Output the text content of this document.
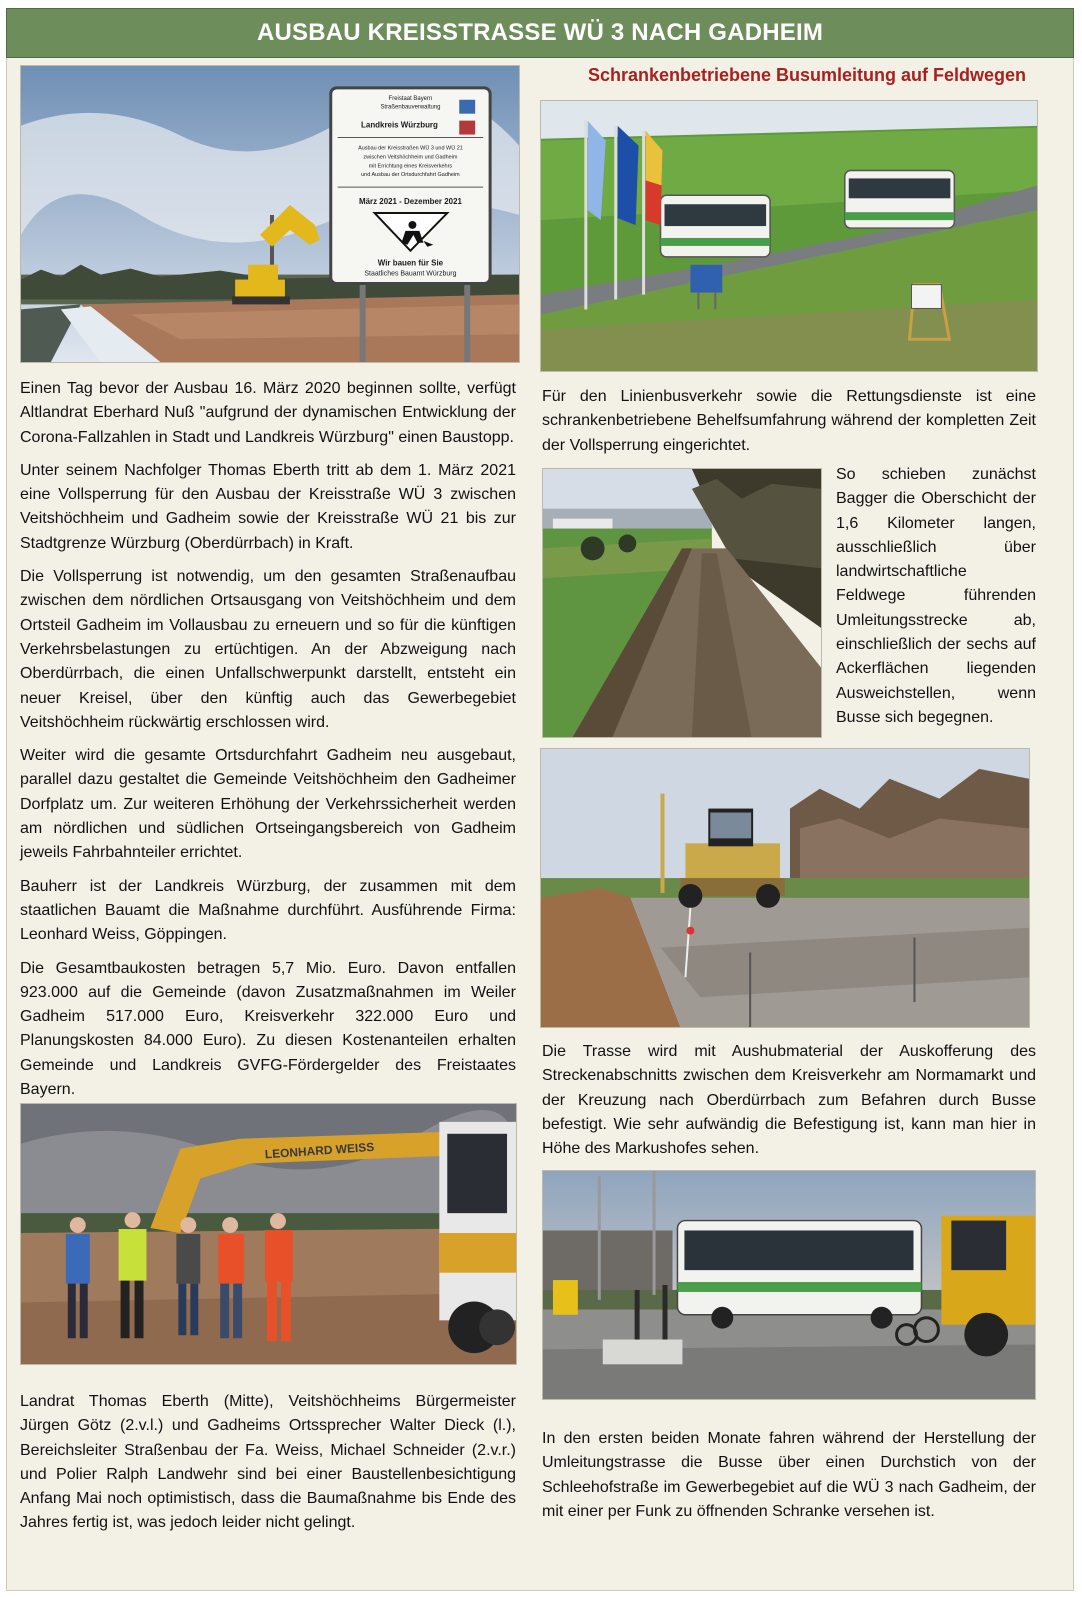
AUSBAU KREISSTRASSE WÜ 3 NACH GADHEIM
Schrankenbetriebene Busumleitung auf Feldwegen
Freistaat Bayern
Straßenbauverwaltung
Landkreis Würzburg
Ausbau der Kreisstraßen WÜ 3 und WÜ 21
zwischen Veitshöchheim und Gadheim
mit Errichtung eines Kreisverkehrs
und Ausbau der Ortsdurchfahrt Gadheim
März 2021 - Dezember 2021
Wir bauen für Sie
Staatliches Bauamt Würzburg
LEONHARD WEISS

Einen Tag bevor der Ausbau 16. März 2020 beginnen sollte, verfügt Altlandrat Eberhard Nuß "aufgrund der dynamischen Entwicklung der Corona-Fallzahlen in Stadt und Landkreis Würzburg" einen Baustopp.

Unter seinem Nachfolger Thomas Eberth tritt ab dem 1. März 2021 eine Vollsperrung für den Ausbau der Kreisstraße WÜ 3 zwischen Veitshöchheim und Gadheim sowie der Kreisstraße WÜ 21 bis zur Stadtgrenze Würzburg (Oberdürrbach) in Kraft.

Die Vollsperrung ist notwendig, um den gesamten Straßenaufbau zwischen dem nördlichen Ortsausgang von Veitshöchheim und dem Ortsteil Gadheim im Vollausbau zu erneuern und so für die künftigen Verkehrsbelastungen zu ertüchtigen. An der Abzweigung nach Oberdürrbach, die einen Unfallschwerpunkt darstellt, entsteht ein neuer Kreisel, über den künftig auch das Gewerbegebiet Veitshöchheim rückwärtig erschlossen wird.

Weiter wird die gesamte Ortsdurchfahrt Gadheim neu ausgebaut, parallel dazu gestaltet die Gemeinde Veitshöchheim den Gadheimer Dorfplatz um. Zur weiteren Erhöhung der Verkehrssicherheit werden am nördlichen und südlichen Ortseingangsbereich von Gadheim jeweils Fahrbahnteiler errichtet.

Bauherr ist der Landkreis Würzburg, der zusammen mit dem staatlichen Bauamt die Maßnahme durchführt. Ausführende Firma: Leonhard Weiss, Göppingen.

Die Gesamtbaukosten betragen 5,7 Mio. Euro. Davon entfallen 923.000 auf die Gemeinde (davon Zusatzmaßnahmen im Weiler Gadheim 517.000 Euro, Kreisverkehr 322.000 Euro und Planungskosten 84.000 Euro). Zu diesen Kostenanteilen erhalten Gemeinde und Landkreis GVFG-Fördergelder des Freistaates Bayern.

Landrat Thomas Eberth (Mitte), Veitshöchheims Bürgermeister Jürgen Götz (2.v.l.) und Gadheims Ortssprecher Walter Dieck (l.), Bereichsleiter Straßenbau der Fa. Weiss, Michael Schneider (2.v.r.) und Polier Ralph Landwehr sind bei einer Baustellenbesichtigung Anfang Mai noch optimistisch, dass die Baumaßnahme bis Ende des Jahres fertig ist, was jedoch leider nicht gelingt.
Für den Linienbusverkehr sowie die Rettungsdienste ist eine schrankenbetriebene Behelfsumfahrung während der kompletten Zeit der Vollsperrung eingerichtet.
So schieben zunächst Bagger die Oberschicht der 1,6 Kilometer langen, ausschließlich über landwirtschaftliche Feldwege führenden Umleitungsstrecke ab, einschließlich der sechs auf Ackerflächen liegenden Ausweichstellen, wenn Busse sich begegnen.
Die Trasse wird mit Aushubmaterial der Auskofferung des Streckenabschnitts zwischen dem Kreisverkehr am Normamarkt und der Kreuzung nach Oberdürrbach zum Befahren durch Busse befestigt. Wie sehr aufwändig die Befestigung ist, kann man hier in Höhe des Markushofes sehen.
In den ersten beiden Monate fahren während der Herstellung der Umleitungstrasse die Busse über einen Durchstich von der Schleehofstraße im Gewerbegebiet auf die WÜ 3 nach Gadheim, der mit einer per Funk zu öffnenden Schranke versehen ist.
